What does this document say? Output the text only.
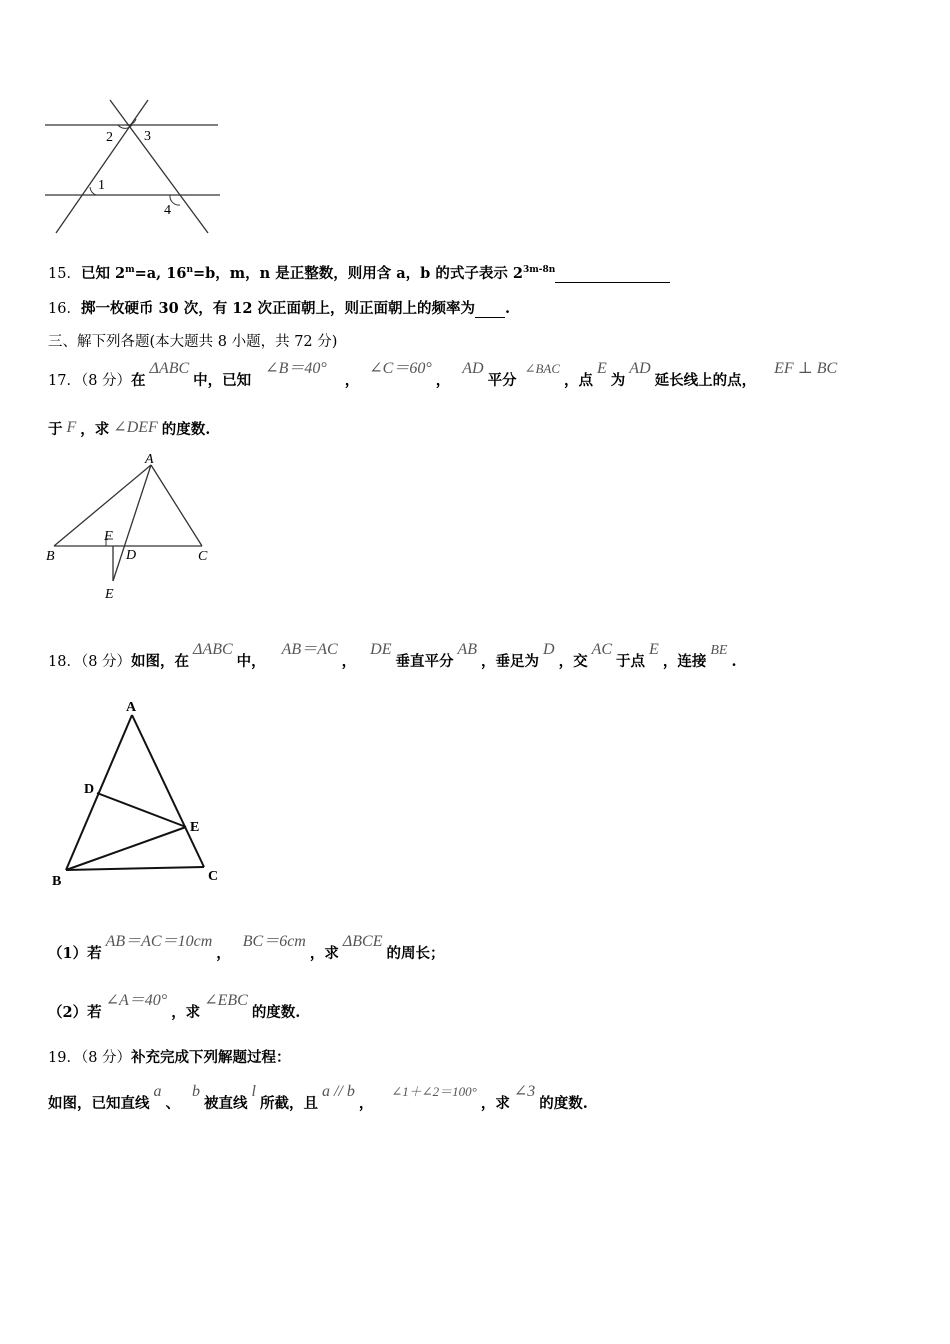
2 3
1
4
15．已知 $2^m=a$, $16^n=b$，m，n 是正整数，则用含 a，b 的式子表示 $2^{3m-8n}$
16．掷一枚硬币 30 次，有 12 次正面朝上，则正面朝上的频率为 .
三、解下列各题(本大题共 8 小题，共 72 分)
17．（8 分）在ΔABC中，已知∠B＝40°，∠C＝60°，AD平分∠BAC，点E为AD延长线上的点，EF ⊥ BC
于 F ，求 ∠DEF 的度数.
A
B	C
D
E
F
18．（8 分）如图，在ΔABC中，AB＝AC，DE垂直平分AB，垂足为D，交AC于点E，连接BE.
A
B	C
D
E
（1）若AB＝AC＝10cm，BC＝6cm，求ΔBCE的周长；
（2）若∠A＝40°，求∠EBC的度数.
19．（8 分）补充完成下列解题过程：
如图，已知直线a、b被直线l所截，且a // b，∠1＋∠2＝100°，求∠3的度数.
